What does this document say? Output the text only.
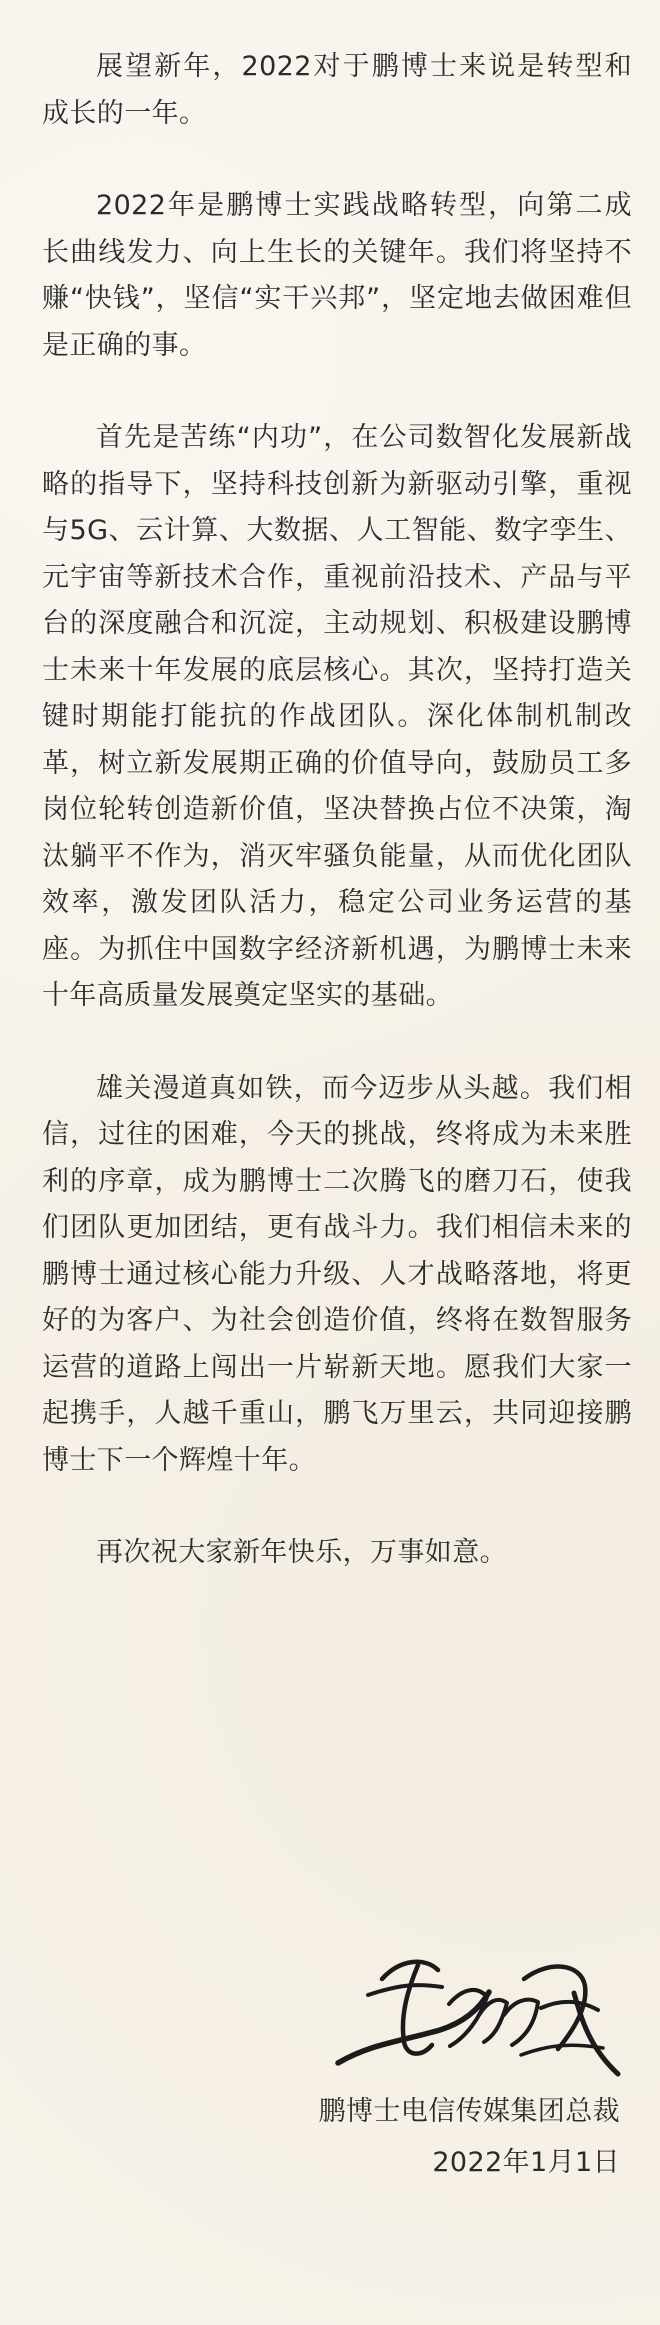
展望新年，2022对于鹏博士来说是转型和成长的一年。

2022年是鹏博士实践战略转型，向第二成长曲线发力、向上生长的关键年。我们将坚持不赚“快钱”，坚信“实干兴邦”，坚定地去做困难但是正确的事。

首先是苦练“内功”，在公司数智化发展新战略的指导下，坚持科技创新为新驱动引擎，重视与5G、云计算、大数据、人工智能、数字孪生、元宇宙等新技术合作，重视前沿技术、产品与平台的深度融合和沉淀，主动规划、积极建设鹏博士未来十年发展的底层核心。其次，坚持打造关键时期能打能抗的作战团队。深化体制机制改革，树立新发展期正确的价值导向，鼓励员工多岗位轮转创造新价值，坚决替换占位不决策，淘汰躺平不作为，消灭牢骚负能量，从而优化团队效率，激发团队活力，稳定公司业务运营的基座。为抓住中国数字经济新机遇，为鹏博士未来十年高质量发展奠定坚实的基础。

雄关漫道真如铁，而今迈步从头越。我们相信，过往的困难，今天的挑战，终将成为未来胜利的序章，成为鹏博士二次腾飞的磨刀石，使我们团队更加团结，更有战斗力。我们相信未来的鹏博士通过核心能力升级、人才战略落地，将更好的为客户、为社会创造价值，终将在数智服务运营的道路上闯出一片崭新天地。愿我们大家一起携手，人越千重山，鹏飞万里云，共同迎接鹏博士下一个辉煌十年。

再次祝大家新年快乐，万事如意。

鹏博士电信传媒集团总裁
2022年1月1日
